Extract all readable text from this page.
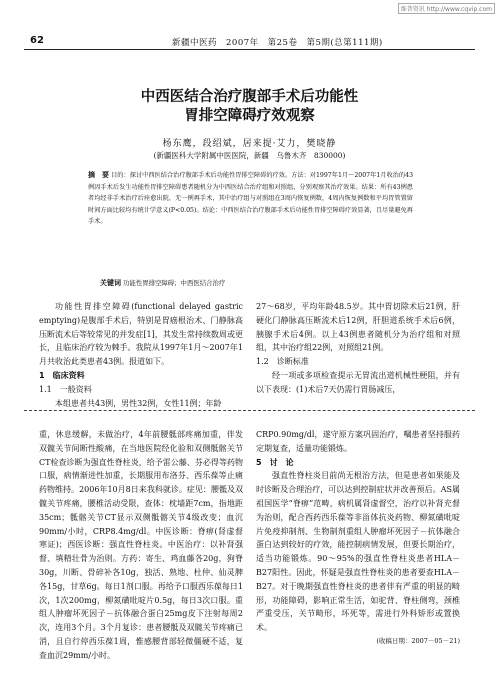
维普资讯 http://www.cqvip.com
62	新疆中医药　2007年　第25卷　第5期(总第111期)
中西医结合治疗腹部手术后功能性
胃排空障碍疗效观察
杨东鹰，段绍斌，居来提·艾力，樊晓静
(新疆医科大学附属中医医院，新疆　乌鲁木齐　830000)
摘　要 目的：探讨中西医结合治疗腹部手术后功能性胃排空障碍的疗效。方法：对1997年1月～2007年1月收治的43例因手术后发生功能性胃排空障碍患者随机分为中西医结合治疗组和对照组，分别观察其治疗效果。结果：所有43例患者均经非手术治疗后痊愈出院，无一例再手术，其中治疗组与对照组在3周内恢复例数，4周内恢复例数和平均胃管置留时间方面比较均有统计学意义(P<0.05)。结论：中西医结合治疗腹部手术后功能性胃排空障碍疗效显著，且尽量避免再手术。
关键词 功能性胃排空障碍；中西医结合治疗

功能性胃排空障碍(functional delayed gastric emptying)是腹部手术后，特别是胃癌根治术、门静脉高压断流术后等较常见的并发症[1]，其发生常持续数周或更长，且临床治疗较为棘手。我院从1997年1月～2007年1月共收治此类患者43例。报道如下。

1　临床资料

1.1　一般资料

本组患者共43例，男性32例，女性11例；年龄

27～68岁，平均年龄48.5岁。其中胃切除术后21例，肝硬化门静脉高压断流术后12例，肝胆道系统手术后6例，胰腺手术后4例。以上43例患者随机分为治疗组和对照组，其中治疗组22例，对照组21例。

1.2　诊断标准

经一项或多项检查提示无胃流出道机械性梗阻，并有以下表现：(1)术后7天仍需行胃肠减压，

重，休息缓解，未做治疗，4年前腰骶部疼痛加重，伴发双髋关节间断性酸痛，在当地医院经化验和双侧骶髂关节CT检查诊断为强直性脊柱炎，给予雷公藤、芬必得等药物口服，病情渐进性加重，长期服用布洛芬、西乐葆等止痛药物维持。2006年10月8日来我科就诊。症见：腰骶及双髋关节疼痛，腰椎活动受限，查体：枕墙距7cm，指地距35cm；骶髂关节CT显示双侧骶髂关节4级改变；血沉90mm/小时，CRP8.4mg/dl。中医诊断：脊痹(肾虚督寒证)；西医诊断：强直性脊柱炎。中医治疗：以补肾强督、填精壮骨为治则。方药：寄生、鸡血藤各20g，狗脊30g，川断、骨碎补各10g，独活、熟地、杜仲、仙灵脾各15g，甘草6g。每日1剂口服。再给予口服西乐葆每日1次，1次200mg，柳氮磺吡啶片0.5g，每日3次口服。重组人肿瘤坏死因子－抗体融合蛋白25mg皮下注射每周2次，连用3个月。3个月复诊：患者腰骶及双髋关节疼痛已消，且自行停西乐葆1周，惟感腰背部轻微僵硬不适，复查血沉29mm/小时。

CRP0.90mg/dl，遂守原方案巩固治疗，嘱患者坚持服药定期复查，适量功能锻炼。

5　讨　论

强直性脊柱炎目前尚无根治方法，但是患者如果能及时诊断及合理治疗，可以达到控制症状并改善预后。AS属祖国医学“脊痹”范畴，病机属肾虚督空，治疗以补肾充督为治则，配合西药西乐葆等非甾体抗炎药物、柳氮磺吡啶片免疫抑制剂、生物制剂重组人肿瘤坏死因子－抗体融合蛋白达到较好的疗效，能控制病情发展，但要长期治疗，适当功能锻炼。90～95%的强直性脊柱炎患者HLA－B27阳性。因此，怀疑是强直性脊柱炎的患者要查HLA－B27。对于晚期强直性脊柱炎的患者伴有严重的明显的畸形，功能障碍，影响正常生活，如驼背、脊柱侧弯，颈椎严重受压，关节畸形，坏死等，需进行外科矫形或置换术。

(收稿日期：2007－05－21)
